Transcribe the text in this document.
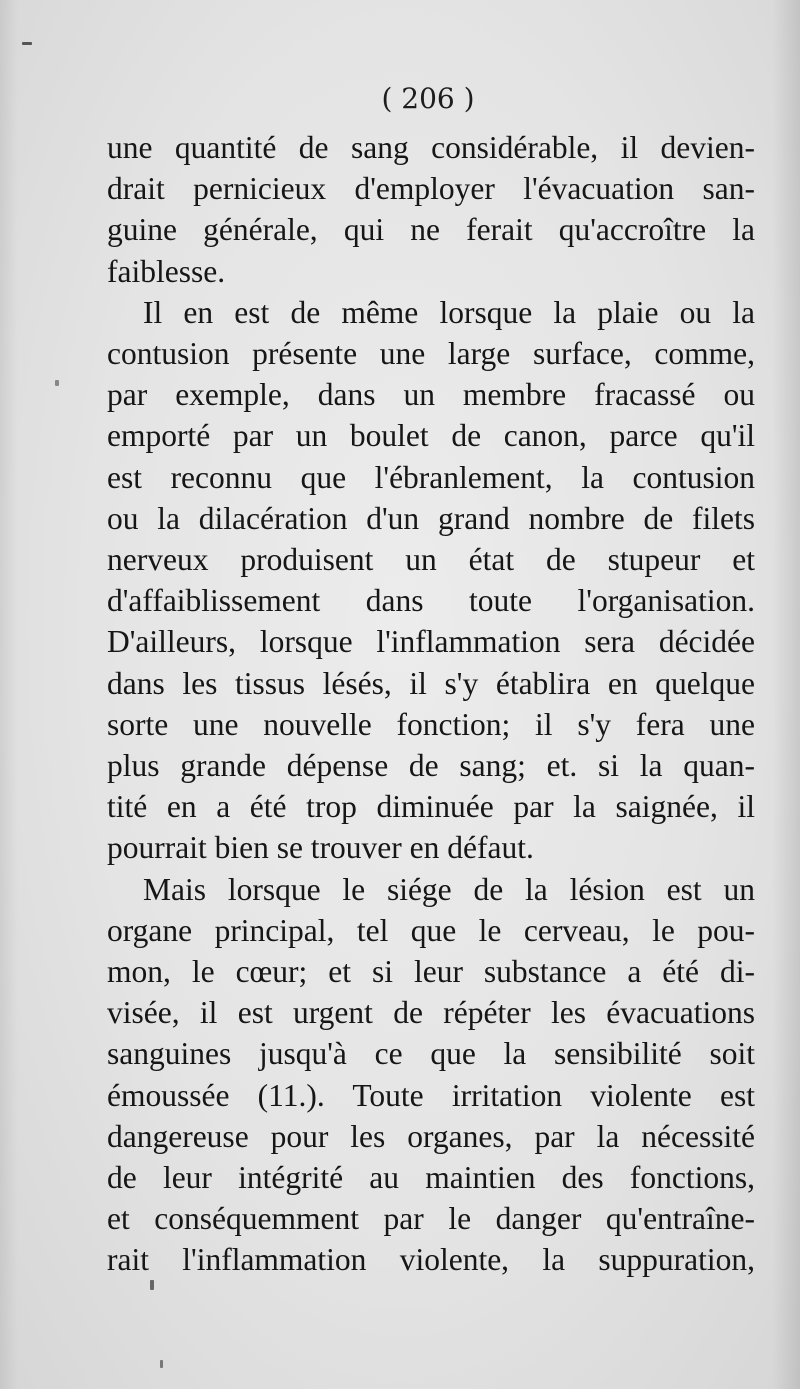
( 206 )
une quantité de sang considérable, il devien-
drait pernicieux d'employer l'évacuation san-
guine générale, qui ne ferait qu'accroître la
faiblesse.
Il en est de même lorsque la plaie ou la
contusion présente une large surface, comme,
par exemple, dans un membre fracassé ou
emporté par un boulet de canon, parce qu'il
est reconnu que l'ébranlement, la contusion
ou la dilacération d'un grand nombre de filets
nerveux produisent un état de stupeur et
d'affaiblissement dans toute l'organisation.
D'ailleurs, lorsque l'inflammation sera décidée
dans les tissus lésés, il s'y établira en quelque
sorte une nouvelle fonction; il s'y fera une
plus grande dépense de sang; et. si la quan-
tité en a été trop diminuée par la saignée, il
pourrait bien se trouver en défaut.
Mais lorsque le siége de la lésion est un
organe principal, tel que le cerveau, le pou-
mon, le cœur; et si leur substance a été di-
visée, il est urgent de répéter les évacuations
sanguines jusqu'à ce que la sensibilité soit
émoussée (11.). Toute irritation violente est
dangereuse pour les organes, par la nécessité
de leur intégrité au maintien des fonctions,
et conséquemment par le danger qu'entraîne-
rait l'inflammation violente, la suppuration,
